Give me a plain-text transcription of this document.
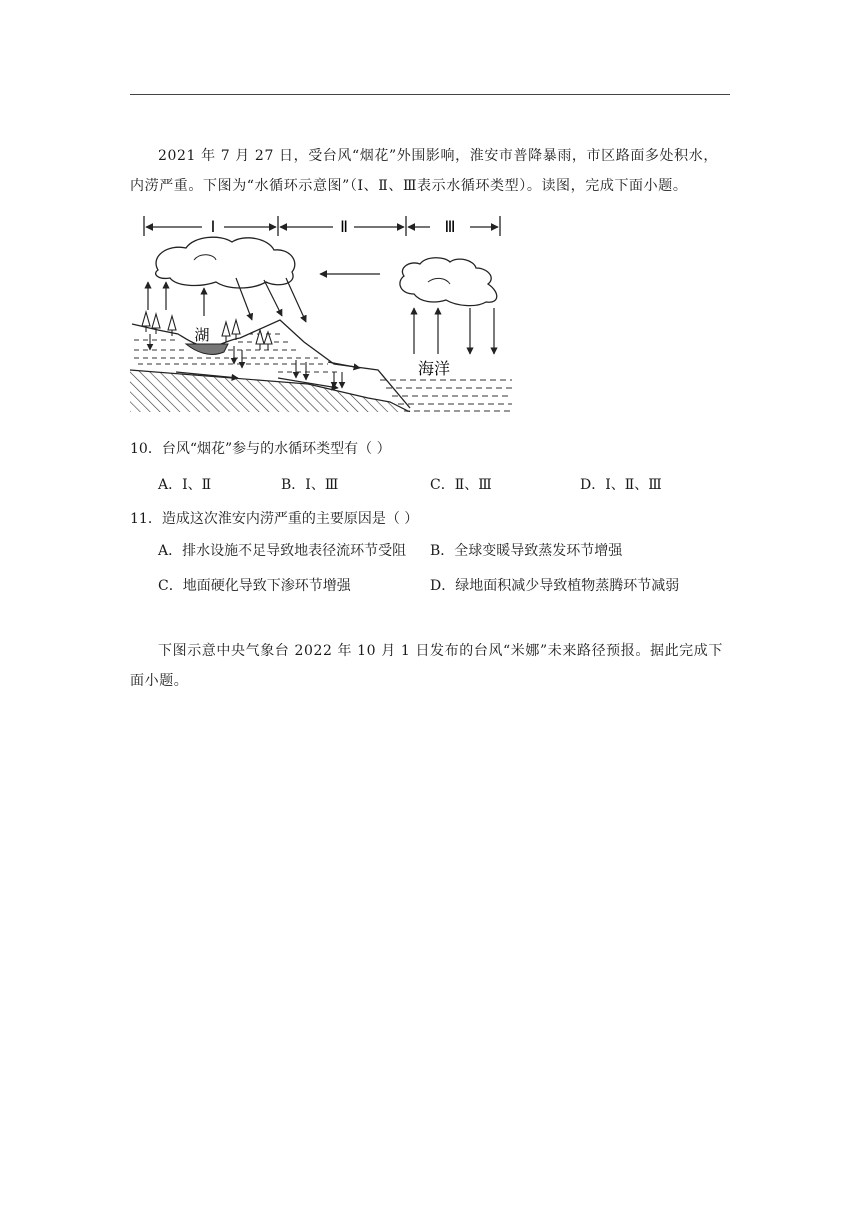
2021 年 7 月 27 日，受台风“烟花”外围影响，淮安市普降暴雨，市区路面多处积水，内涝严重。下图为“水循环示意图”（Ⅰ、Ⅱ、Ⅲ表示水循环类型）。读图，完成下面小题。

Ⅰ	Ⅱ	Ⅲ
湖
海洋

10．台风“烟花”参与的水循环类型有（ ）

A．Ⅰ、Ⅱ	B．Ⅰ、Ⅲ	C．Ⅱ、Ⅲ	D．Ⅰ、Ⅱ、Ⅲ

11．造成这次淮安内涝严重的主要原因是（ ）

A．排水设施不足导致地表径流环节受阻 B．全球变暖导致蒸发环节增强

C．地面硬化导致下渗环节增强	D．绿地面积减少导致植物蒸腾环节减弱

下图示意中央气象台 2022 年 10 月 1 日发布的台风“米娜”未来路径预报。据此完成下面小题。
